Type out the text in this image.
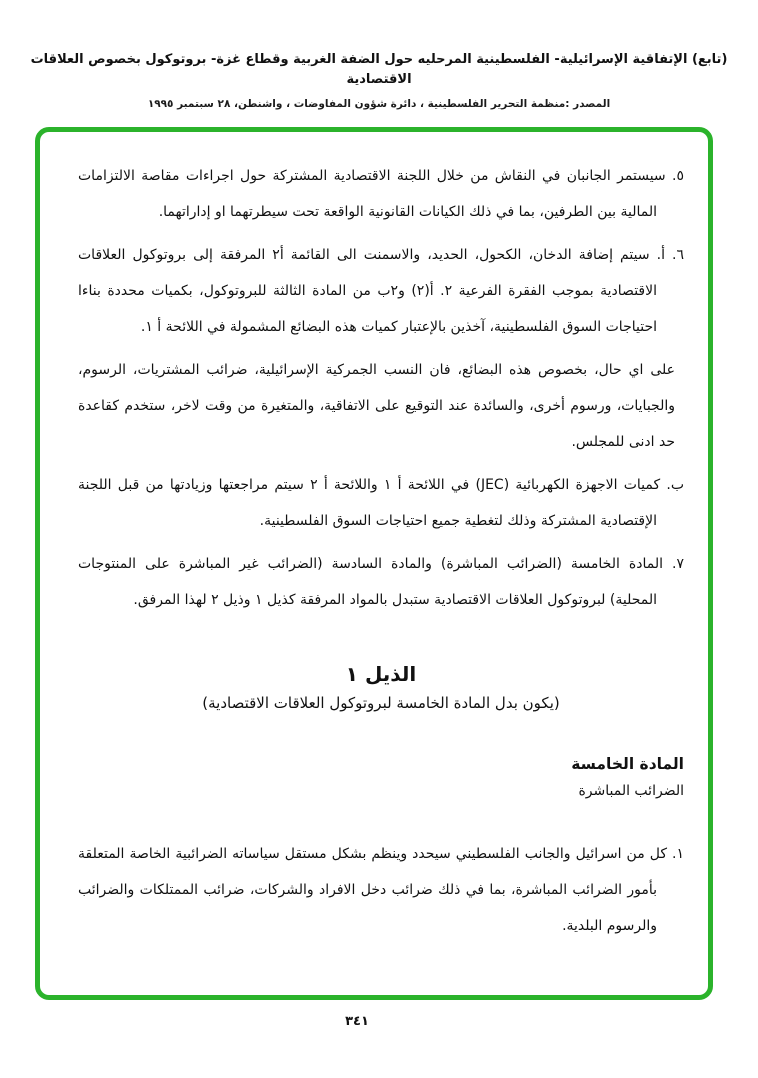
(تابع) الإتفاقية الإسرائيلية- الفلسطينية المرحليه حول الضفة الغربية وقطاع غزة- بروتوكول بخصوص العلاقات الاقتصادية
المصدر :منظمة التحرير الفلسطينية ، دائرة شؤون المفاوضات ، واشنطن، ٢٨ سبتمبر ١٩٩٥
٥.سيستمر الجانبان في النقاش من خلال اللجنة الاقتصادية المشتركة حول اجراءات مقاصة الالتزامات المالية بين الطرفين، بما في ذلك الكيانات القانونية الواقعة تحت سيطرتهما او إداراتهما.
٦. أ.سيتم إضافة الدخان، الكحول، الحديد، والاسمنت الى القائمة أ٢ المرفقة إلى بروتوكول العلاقات الاقتصادية بموجب الفقرة الفرعية ٢. أ(٢) و٢ب من المادة الثالثة للبروتوكول، بكميات محددة بناءا احتياجات السوق الفلسطينية، آخذين بالإعتبار كميات هذه البضائع المشمولة في اللائحة أ ١.
على اي حال، بخصوص هذه البضائع، فان النسب الجمركية الإسرائيلية، ضرائب المشتريات، الرسوم، والجبايات، ورسوم أخرى، والسائدة عند التوقيع على الاتفاقية، والمتغيرة من وقت لاخر، ستخدم كقاعدة حد ادنى للمجلس.
ب.كميات الاجهزة الكهربائية (JEC) في اللائحة أ ١ واللائحة أ ٢ سيتم مراجعتها وزيادتها من قبل اللجنة الإقتصادية المشتركة وذلك لتغطية جميع احتياجات السوق الفلسطينية.
٧.المادة الخامسة (الضرائب المباشرة) والمادة السادسة (الضرائب غير المباشرة على المنتوجات المحلية) لبروتوكول العلاقات الاقتصادية ستبدل بالمواد المرفقة كذيل ١ وذيل ٢ لهذا المرفق.
الذيل ١
(يكون بدل المادة الخامسة لبروتوكول العلاقات الاقتصادية)
المادة الخامسة
الضرائب المباشرة
١.كل من اسرائيل والجانب الفلسطيني سيحدد وينظم بشكل مستقل سياساته الضرائبية الخاصة المتعلقة بأمور الضرائب المباشرة، بما في ذلك ضرائب دخل الافراد والشركات، ضرائب الممتلكات والضرائب والرسوم البلدية.
٣٤١
